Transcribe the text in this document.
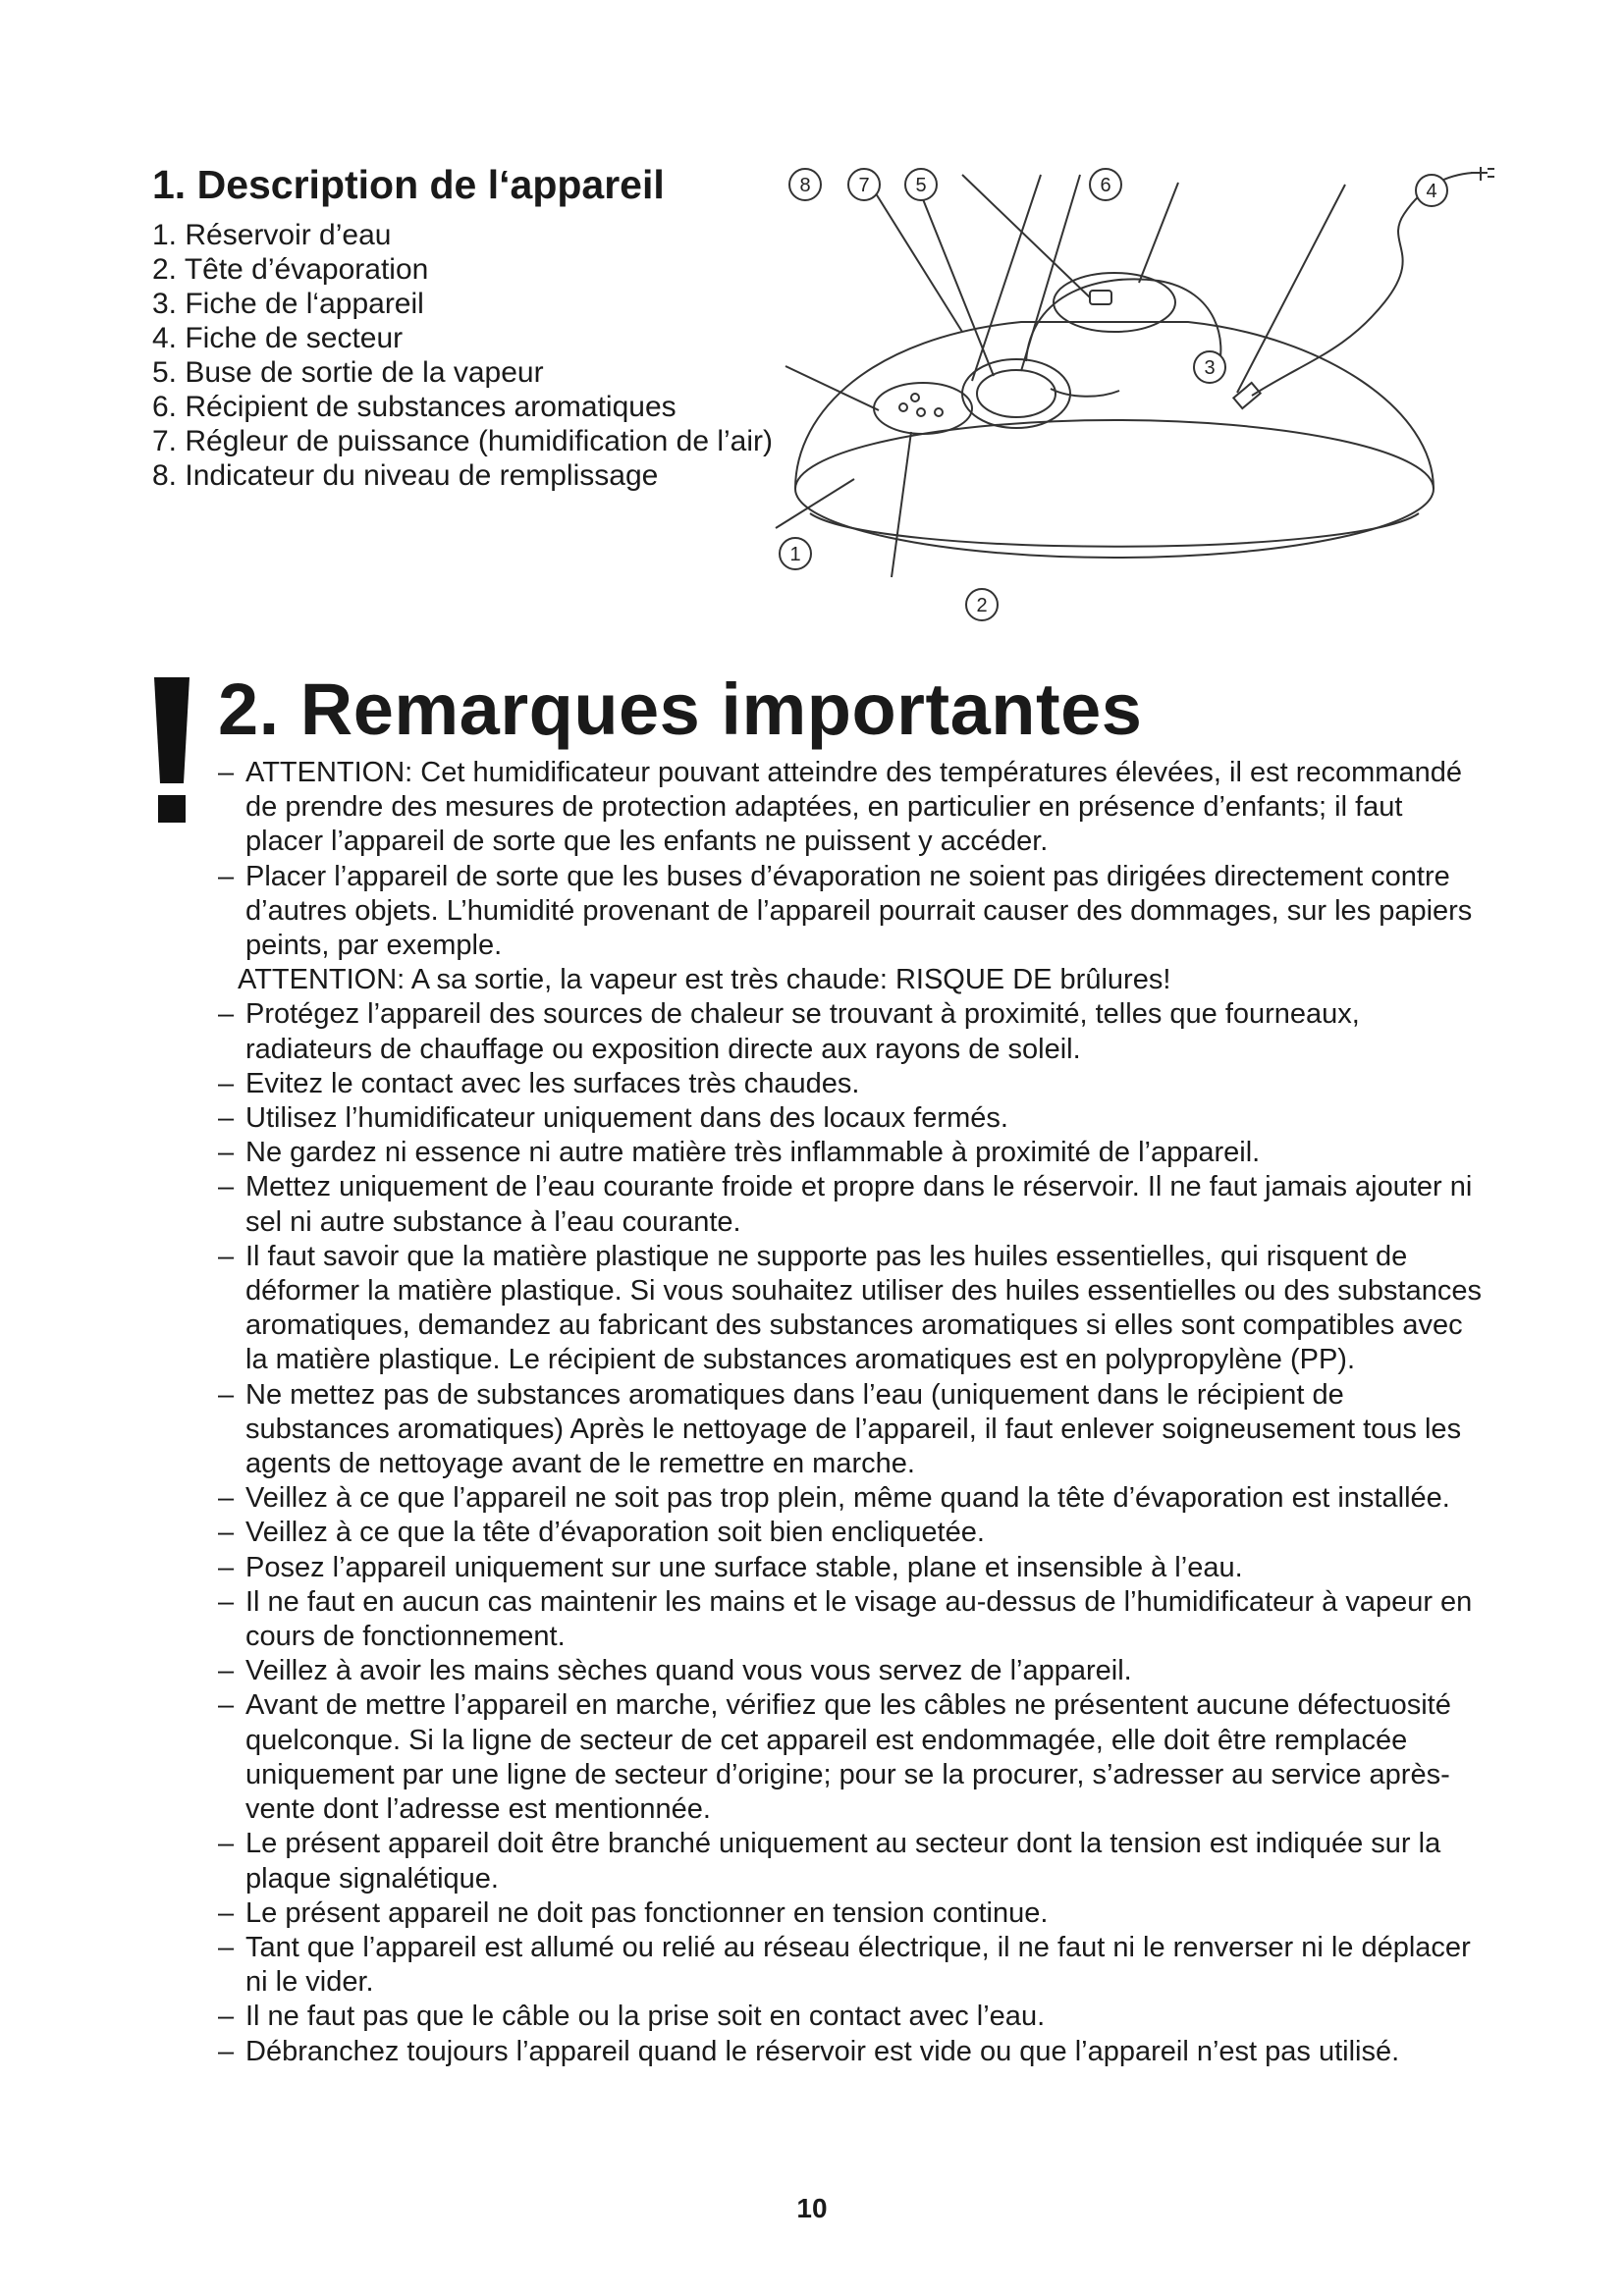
1. Description de l‘appareil
1. Réservoir d’eau
2. Tête d’évaporation
3. Fiche de l‘appareil
4. Fiche de secteur
5. Buse de sortie de la vapeur
6. Récipient de substances aromatiques
7. Régleur de puissance (humidification de l’air)
8. Indicateur du niveau de remplissage
8 7 5	6	4
3
1
2
2. Remarques importantes
– ATTENTION: Cet humidificateur pouvant atteindre des températures élevées, il est recommandé de prendre des mesures de protection adaptées, en particulier en présence d’enfants; il faut placer l’appareil de sorte que les enfants ne puissent y accéder.
– Placer l’appareil de sorte que les buses d’évaporation ne soient pas dirigées directement contre d’autres objets. L’humidité provenant de l’appareil pourrait causer des dommages, sur les papiers peints, par exemple.
ATTENTION: A sa sortie, la vapeur est très chaude: RISQUE DE brûlures!
– Protégez l’appareil des sources de chaleur se trouvant à proximité, telles que fourneaux, radiateurs de chauffage ou exposition directe aux rayons de soleil.
– Evitez le contact avec les surfaces très chaudes.
– Utilisez l’humidificateur uniquement dans des locaux fermés.
– Ne gardez ni essence ni autre matière très inflammable à proximité de l’appareil.
– Mettez uniquement de l’eau courante froide et propre dans le réservoir. Il ne faut jamais ajouter ni sel ni autre substance à l’eau courante.
– Il faut savoir que la matière plastique ne supporte pas les huiles essentielles, qui risquent de déformer la matière plastique. Si vous souhaitez utiliser des huiles essentielles ou des substances aromatiques, demandez au fabricant des substances aromatiques si elles sont compatibles avec la matière plastique. Le récipient de substances aromatiques est en polypropylène (PP).
– Ne mettez pas de substances aromatiques dans l’eau (uniquement dans le récipient de substances aromatiques) Après le nettoyage de l’appareil, il faut enlever soigneusement tous les agents de nettoyage avant de le remettre en marche.
– Veillez à ce que l’appareil ne soit pas trop plein, même quand la tête d’évaporation est installée.
– Veillez à ce que la tête d’évaporation soit bien encliquetée.
– Posez l’appareil uniquement sur une surface stable, plane et insensible à l’eau.
– Il ne faut en aucun cas maintenir les mains et le visage au-dessus de l’humidificateur à vapeur en cours de fonctionnement.
– Veillez à avoir les mains sèches quand vous vous servez de l’appareil.
– Avant de mettre l’appareil en marche, vérifiez que les câbles ne présentent aucune défectuosité quelconque. Si la ligne de secteur de cet appareil est endommagée, elle doit être remplacée uniquement par une ligne de secteur d’origine; pour se la procurer, s’adresser au service après-vente dont l’adresse est mentionnée.
– Le présent appareil doit être branché uniquement au secteur dont la tension est indiquée sur la plaque signalétique.
– Le présent appareil ne doit pas fonctionner en tension continue.
– Tant que l’appareil est allumé ou relié au réseau électrique, il ne faut ni le renverser ni le déplacer ni le vider.
– Il ne faut pas que le câble ou la prise soit en contact avec l’eau.
– Débranchez toujours l’appareil quand le réservoir est vide ou que l’appareil n’est pas utilisé.
10
